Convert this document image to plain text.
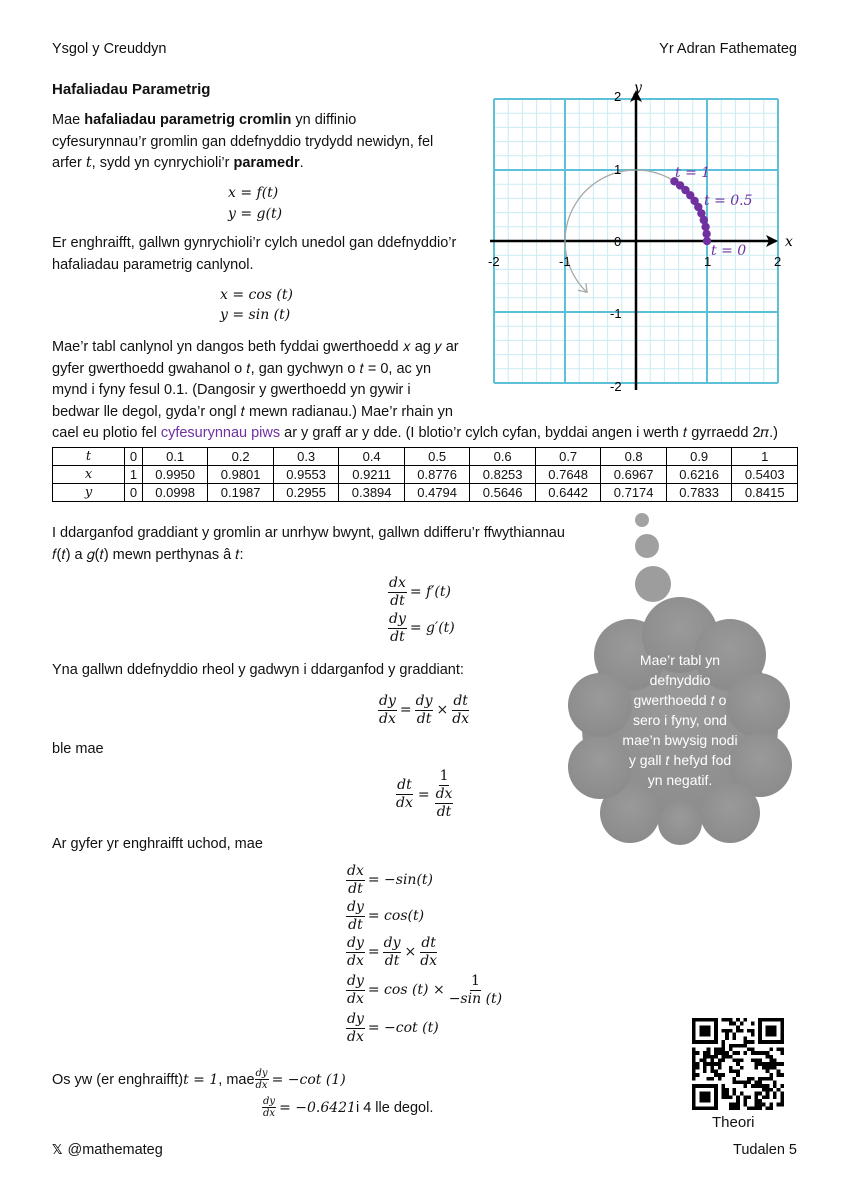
Ysgol y Creuddyn	Yr Adran Fathemateg
Hafaliadau Parametrig
Mae hafaliadau parametrig cromlin yn diffinio
cyfesurynnau’r gromlin gan ddefnyddio trydydd newidyn, fel
arfer t, sydd yn cynrychioli’r paramedr.
x = f(t)
y = g(t)
Er enghraifft, gallwn gynrychioli’r cylch unedol gan ddefnyddio’r
hafaliadau parametrig canlynol.
x = cos (t)
y = sin (t)
Mae’r tabl canlynol yn dangos beth fyddai gwerthoedd 𝑥 ag 𝑦 ar
gyfer gwerthoedd gwahanol o 𝑡, gan gychwyn o 𝑡 = 0, ac yn
mynd i fyny fesul 0.1. (Dangosir y gwerthoedd yn gywir i
bedwar lle degol, gyda’r ongl 𝑡 mewn radianau.) Mae’r rhain yn
cael eu plotio fel cyfesurynnau piws ar y graff ar y dde. (I blotio’r cylch cyfan, byddai angen i werth 𝑡 gyrraedd 2𝜋.)
y
x
-2	-1
0
1	2
2
1
-1
-2
t = 1
t = 0.5
t = 0
t	0	0.1	0.2	0.3	0.4	0.5	0.6	0.7	0.8	0.9	1
x	1	0.9950	0.9801	0.9553	0.9211	0.8776	0.8253	0.7648	0.6967	0.6216	0.5403
y	0	0.0998	0.1987	0.2955	0.3894	0.4794	0.5646	0.6442	0.7174	0.7833	0.8415
I ddarganfod graddiant y gromlin ar unrhyw bwynt, gallwn ddifferu’r ffwythiannau
𝑓(𝑡) a 𝑔(𝑡) mewn perthynas â 𝑡:
$\frac{dx}{dt} = f'(t)$
$\frac{dy}{dt} = g'(t)$
Yna gallwn ddefnyddio rheol y gadwyn i ddarganfod y graddiant:
$\frac{dy}{dx} = \frac{dy}{dt} \times \frac{dt}{dx}$
ble mae
$\frac{dt}{dx} = \frac{1}{\frac{dx}{dt}}$
Ar gyfer yr enghraifft uchod, mae
$\frac{dx}{dt} = -\sin(t)$
$\frac{dy}{dt} = \cos(t)$
$\frac{dy}{dx} = \frac{dy}{dt} \times \frac{dt}{dx}$
$\frac{dy}{dx} = \cos (t) \times \frac{1}{-\sin (t)}$
$\frac{dy}{dx} = -\cot$ (t)
Os yw (er enghraifft) t = 1 , mae $\frac{dy}{dx} = -\cot$ (1)
$\frac{dy}{dx} = -0.6421$ i 4 lle degol.
Mae’r tabl yn
defnyddio
gwerthoedd 𝑡 o
sero i fyny, ond
mae’n bwysig nodi
y gall 𝑡 hefyd fod
yn negatif.
Theori
𝕏 @mathemateg	Tudalen 5
